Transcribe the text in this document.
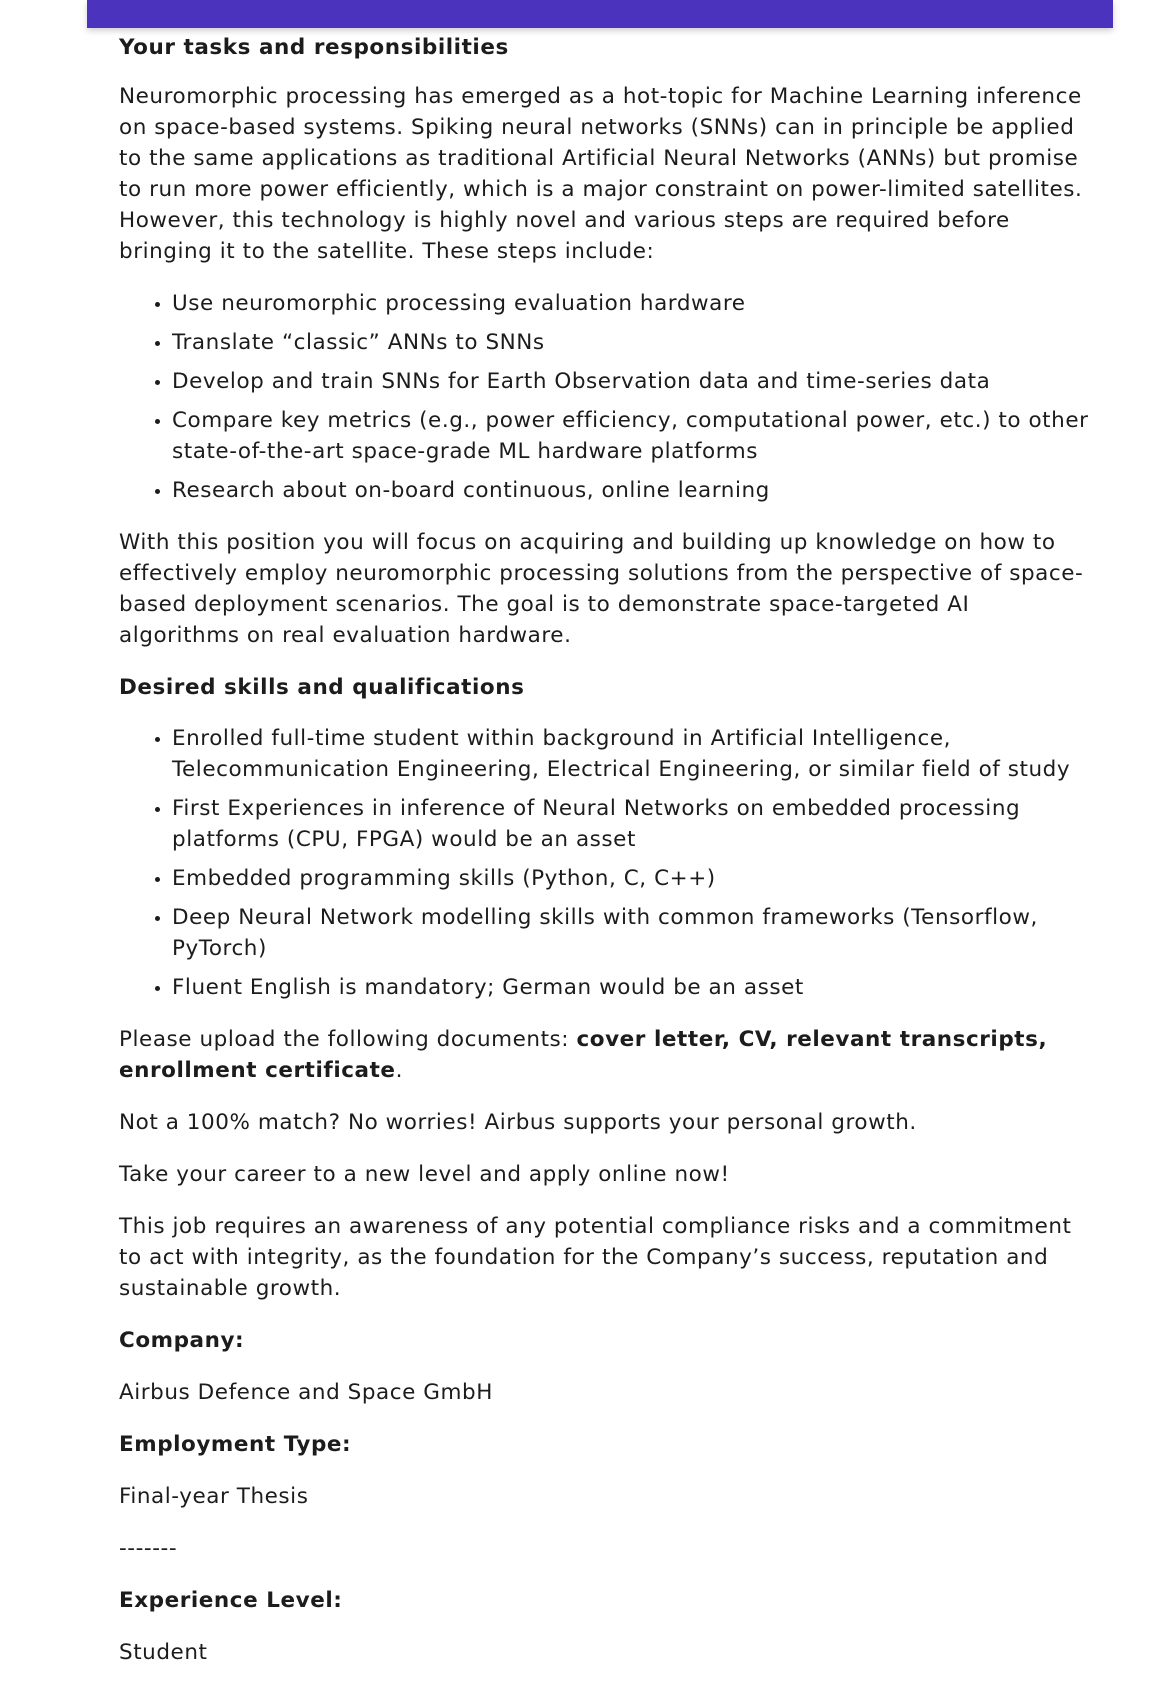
Your tasks and responsibilities

Neuromorphic processing has emerged as a hot-topic for Machine Learning inference on space-based systems. Spiking neural networks (SNNs) can in principle be applied to the same applications as traditional Artificial Neural Networks (ANNs) but promise to run more power efficiently, which is a major constraint on power-limited satellites. However, this technology is highly novel and various steps are required before bringing it to the satellite. These steps include:

• Use neuromorphic processing evaluation hardware
• Translate “classic” ANNs to SNNs
• Develop and train SNNs for Earth Observation data and time-series data
• Compare key metrics (e.g., power efficiency, computational power, etc.) to other state-of-the-art space-grade ML hardware platforms
• Research about on-board continuous, online learning

With this position you will focus on acquiring and building up knowledge on how to effectively employ neuromorphic processing solutions from the perspective of space-based deployment scenarios. The goal is to demonstrate space-targeted AI algorithms on real evaluation hardware.

Desired skills and qualifications
• Enrolled full-time student within background in Artificial Intelligence, Telecommunication Engineering, Electrical Engineering, or similar field of study
• First Experiences in inference of Neural Networks on embedded processing platforms (CPU, FPGA) would be an asset
• Embedded programming skills (Python, C, C++)
• Deep Neural Network modelling skills with common frameworks (Tensorflow, PyTorch)
• Fluent English is mandatory; German would be an asset

Please upload the following documents: cover letter, CV, relevant transcripts, enrollment certificate.

Not a 100% match? No worries! Airbus supports your personal growth.

Take your career to a new level and apply online now!

This job requires an awareness of any potential compliance risks and a commitment to act with integrity, as the foundation for the Company’s success, reputation and sustainable growth.

Company:

Airbus Defence and Space GmbH

Employment Type:

Final-year Thesis

-------

Experience Level:

Student
